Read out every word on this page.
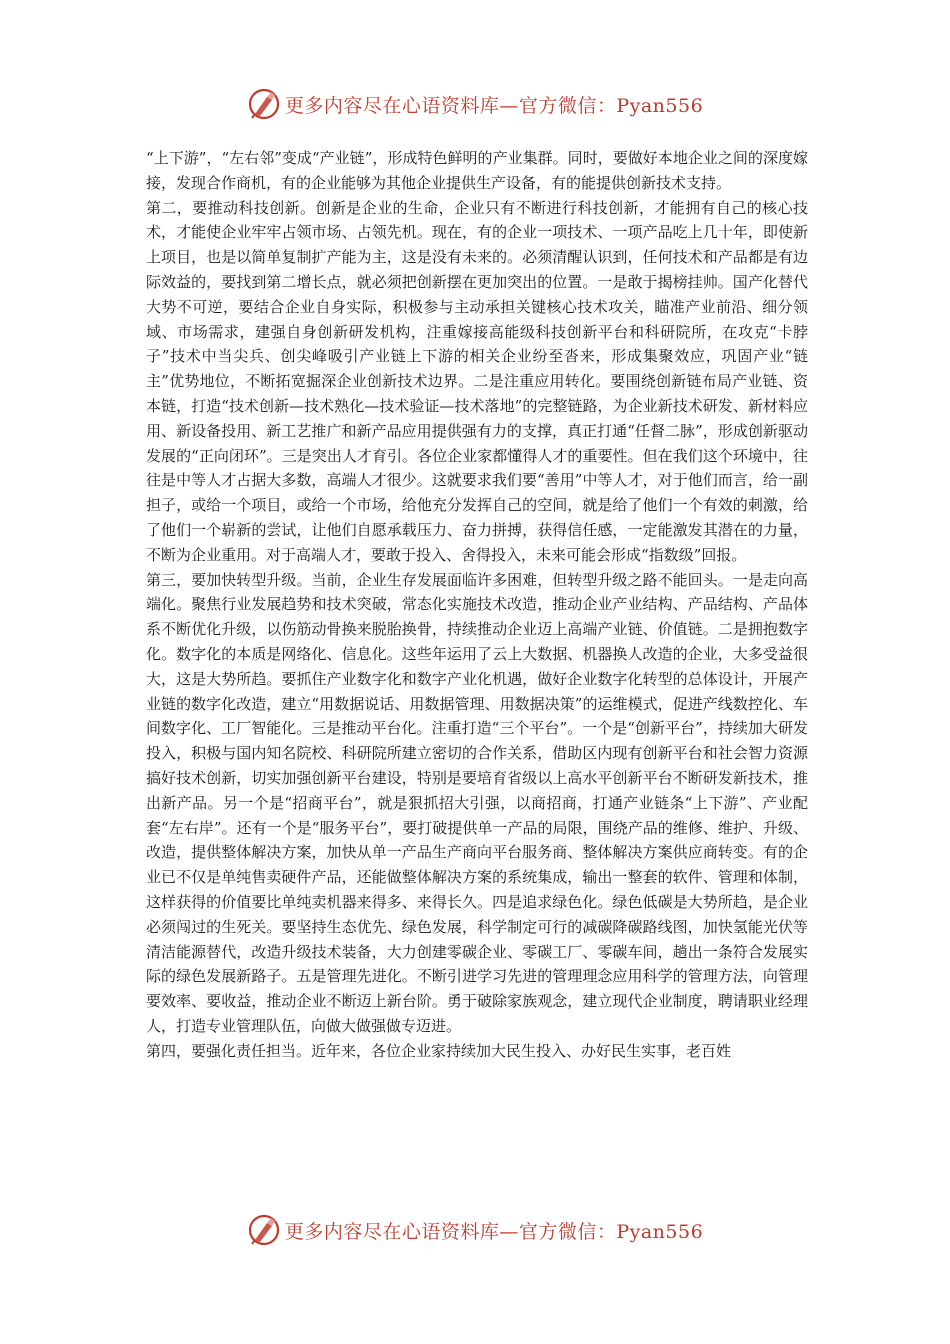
更多内容尽在心语资料库—官方微信：Pyan556

“上下游”，“左右邻”变成“产业链”，形成特色鲜明的产业集群。同时，要做好本地企业之间的深度嫁接，发现合作商机，有的企业能够为其他企业提供生产设备，有的能提供创新技术支持。

第二，要推动科技创新。创新是企业的生命，企业只有不断进行科技创新，才能拥有自己的核心技术，才能使企业牢牢占领市场、占领先机。现在，有的企业一项技术、一项产品吃上几十年，即使新上项目，也是以简单复制扩产能为主，这是没有未来的。必须清醒认识到，任何技术和产品都是有边际效益的，要找到第二增长点，就必须把创新摆在更加突出的位置。一是敢于揭榜挂帅。国产化替代大势不可逆，要结合企业自身实际，积极参与主动承担关键核心技术攻关，瞄准产业前沿、细分领域、市场需求，建强自身创新研发机构，注重嫁接高能级科技创新平台和科研院所，在攻克“卡脖子”技术中当尖兵、创尖峰吸引产业链上下游的相关企业纷至沓来，形成集聚效应，巩固产业“链主”优势地位，不断拓宽掘深企业创新技术边界。二是注重应用转化。要围绕创新链布局产业链、资本链，打造“技术创新—技术熟化—技术验证—技术落地”的完整链路，为企业新技术研发、新材料应用、新设备投用、新工艺推广和新产品应用提供强有力的支撑，真正打通“任督二脉”，形成创新驱动发展的“正向闭环”。三是突出人才育引。各位企业家都懂得人才的重要性。但在我们这个环境中，往往是中等人才占据大多数，高端人才很少。这就要求我们要“善用”中等人才，对于他们而言，给一副担子，或给一个项目，或给一个市场，给他充分发挥自己的空间，就是给了他们一个有效的刺激，给了他们一个崭新的尝试，让他们自愿承载压力、奋力拼搏，获得信任感，一定能激发其潜在的力量，不断为企业重用。对于高端人才，要敢于投入、舍得投入，未来可能会形成“指数级”回报。

第三，要加快转型升级。当前，企业生存发展面临许多困难，但转型升级之路不能回头。一是走向高端化。聚焦行业发展趋势和技术突破，常态化实施技术改造，推动企业产业结构、产品结构、产品体系不断优化升级，以伤筋动骨换来脱胎换骨，持续推动企业迈上高端产业链、价值链。二是拥抱数字化。数字化的本质是网络化、信息化。这些年运用了云上大数据、机器换人改造的企业，大多受益很大，这是大势所趋。要抓住产业数字化和数字产业化机遇，做好企业数字化转型的总体设计，开展产业链的数字化改造，建立“用数据说话、用数据管理、用数据决策”的运维模式，促进产线数控化、车间数字化、工厂智能化。三是推动平台化。注重打造“三个平台”。一个是“创新平台”，持续加大研发投入，积极与国内知名院校、科研院所建立密切的合作关系，借助区内现有创新平台和社会智力资源搞好技术创新，切实加强创新平台建设，特别是要培育省级以上高水平创新平台不断研发新技术，推出新产品。另一个是“招商平台”，就是狠抓招大引强，以商招商，打通产业链条“上下游”、产业配套“左右岸”。还有一个是“服务平台”，要打破提供单一产品的局限，围绕产品的维修、维护、升级、改造，提供整体解决方案，加快从单一产品生产商向平台服务商、整体解决方案供应商转变。有的企业已不仅是单纯售卖硬件产品，还能做整体解决方案的系统集成，输出一整套的软件、管理和体制，这样获得的价值要比单纯卖机器来得多、来得长久。四是追求绿色化。绿色低碳是大势所趋，是企业必须闯过的生死关。要坚持生态优先、绿色发展，科学制定可行的减碳降碳路线图，加快氢能光伏等清洁能源替代，改造升级技术装备，大力创建零碳企业、零碳工厂、零碳车间，趟出一条符合发展实际的绿色发展新路子。五是管理先进化。不断引进学习先进的管理理念应用科学的管理方法，向管理要效率、要收益，推动企业不断迈上新台阶。勇于破除家族观念，建立现代企业制度，聘请职业经理人，打造专业管理队伍，向做大做强做专迈进。

第四，要强化责任担当。近年来，各位企业家持续加大民生投入、办好民生实事，老百姓

更多内容尽在心语资料库—官方微信：Pyan556
